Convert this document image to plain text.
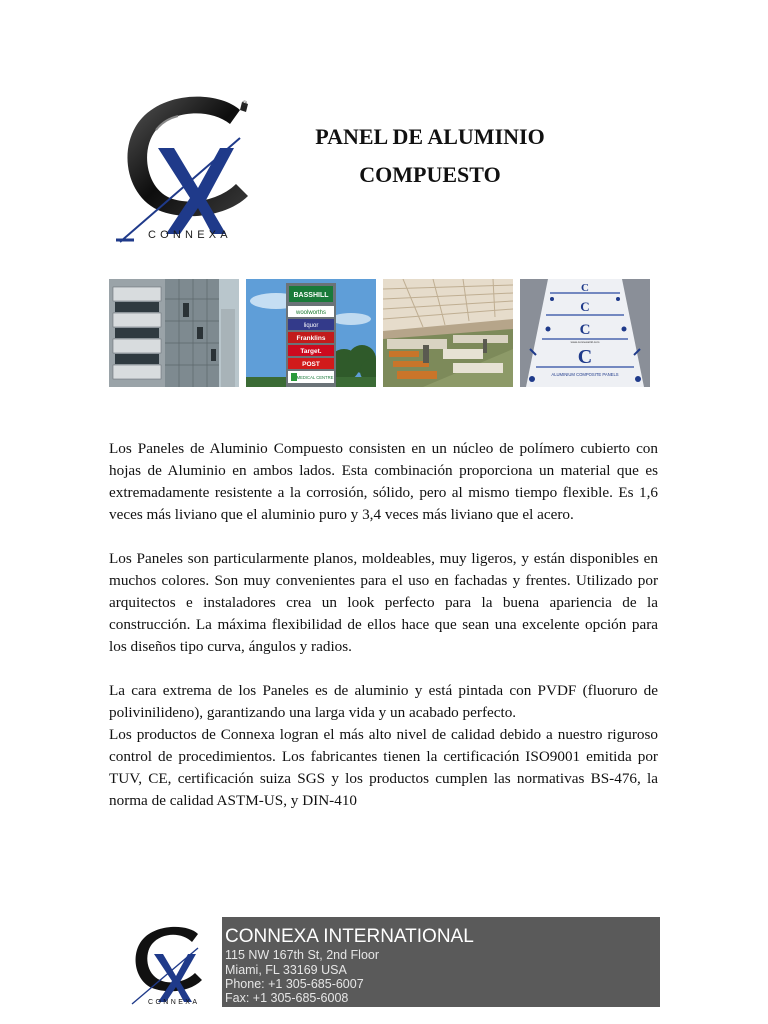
®
CONNEXA
PANEL DE ALUMINIO
COMPUESTO
BASSHILL
woolworths
liquor
Franklins
Target.
POST
MEDICAL CENTRE
C
C
C
C
www.connexaintl.com
ALUMINIUM COMPOSITE PANELS

Los Paneles de Aluminio Compuesto consisten en un núcleo de polímero cubierto con hojas de Aluminio en ambos lados. Esta combinación proporciona un material que es extremadamente resistente a la corrosión, sólido, pero al mismo tiempo flexible. Es 1,6 veces más liviano que el aluminio puro y 3,4 veces más liviano que el acero.

Los Paneles son particularmente planos, moldeables, muy ligeros, y están disponibles en muchos colores. Son muy convenientes para el uso en fachadas y frentes. Utilizado por arquitectos e instaladores crea un look perfecto para la buena apariencia de la construcción. La máxima flexibilidad de ellos hace que sean una excelente opción para los diseños tipo curva, ángulos y radios.

La cara extrema de los Paneles es de aluminio y está pintada con PVDF (fluoruro de polivinilideno), garantizando una larga vida y un acabado perfecto.

Los productos de Connexa logran el más alto nivel de calidad debido a nuestro riguroso control de procedimientos. Los fabricantes tienen la certificación ISO9001 emitida por TUV, CE, certificación suiza SGS y los productos cumplen las normativas BS-476, la norma de calidad ASTM-US, y DIN-410

CONNEXA
CONNEXA INTERNATIONAL
115 NW 167th St, 2nd Floor
Miami, FL 33169 USA
Phone: +1 305-685-6007
Fax: +1 305-685-6008
